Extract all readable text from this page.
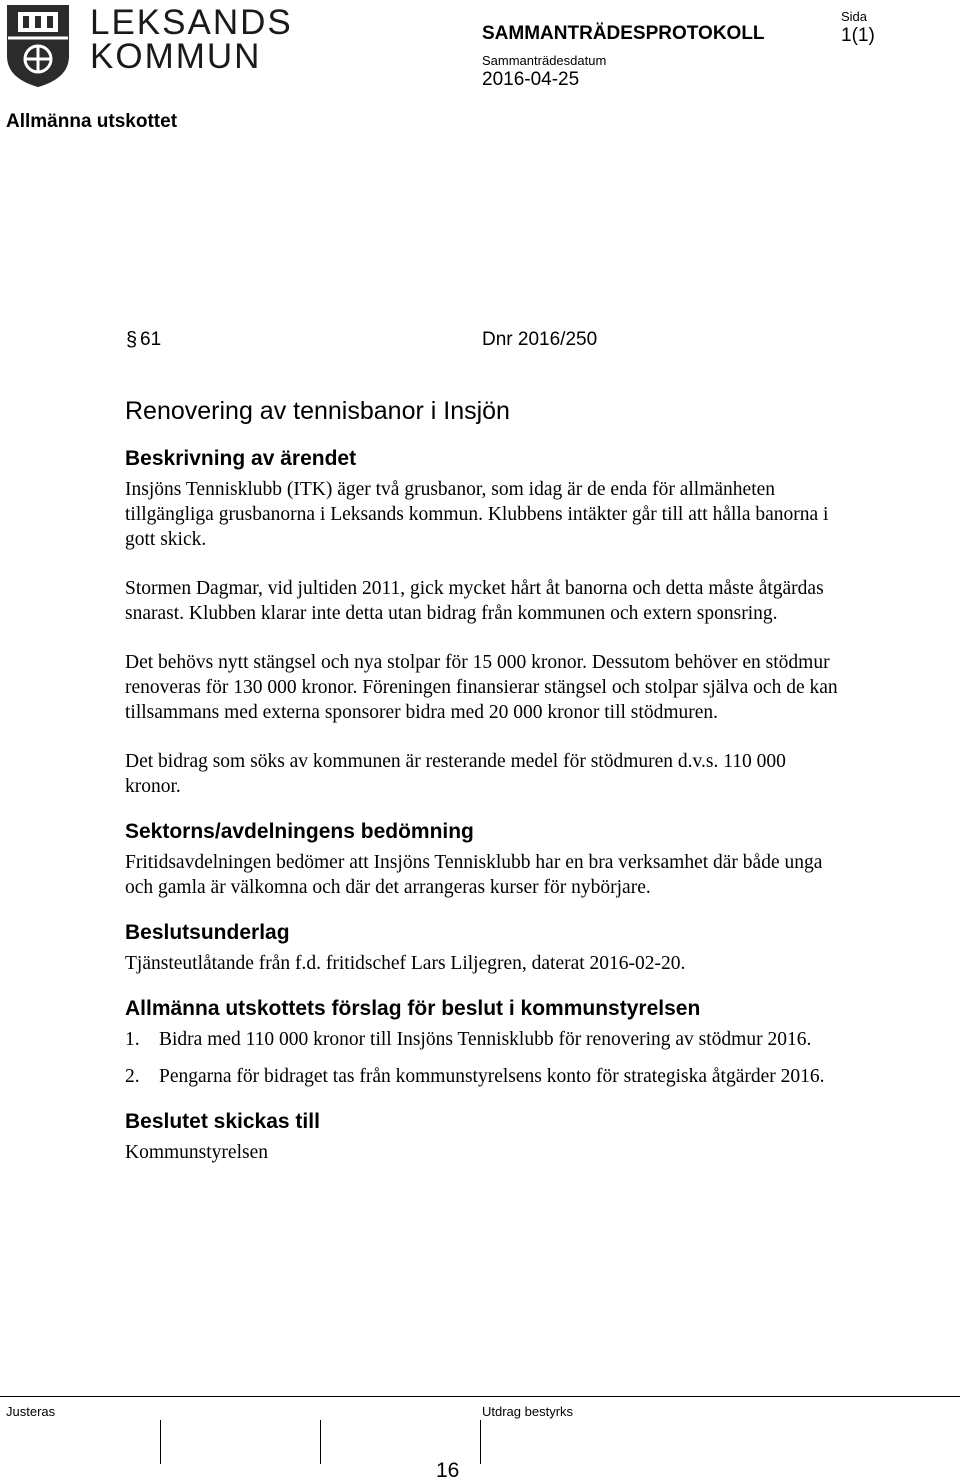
LEKSANDS
KOMMUN
SAMMANTRÄDESPROTOKOLL
Sida
1(1)
Sammanträdesdatum
2016-04-25
Allmänna utskottet
§ 61	Dnr 2016/250
Renovering av tennisbanor i Insjön
Beskrivning av ärendet

Insjöns Tennisklubb (ITK) äger två grusbanor, som idag är de enda för allmänheten tillgängliga grusbanorna i Leksands kommun. Klubbens intäkter går till att hålla banorna i gott skick.

Stormen Dagmar, vid jultiden 2011, gick mycket hårt åt banorna och detta måste åtgärdas snarast. Klubben klarar inte detta utan bidrag från kommunen och extern sponsring.

Det behövs nytt stängsel och nya stolpar för 15 000 kronor. Dessutom behöver en stödmur renoveras för 130 000 kronor. Föreningen finansierar stängsel och stolpar själva och de kan tillsammans med externa sponsorer bidra med 20 000 kronor till stödmuren.

Det bidrag som söks av kommunen är resterande medel för stödmuren d.v.s. 110 000 kronor.

Sektorns/avdelningens bedömning

Fritidsavdelningen bedömer att Insjöns Tennisklubb har en bra verksamhet där både unga och gamla är välkomna och där det arrangeras kurser för nybörjare.

Beslutsunderlag

Tjänsteutlåtande från f.d. fritidschef Lars Liljegren, daterat 2016-02-20.

Allmänna utskottets förslag för beslut i kommunstyrelsen
1. Bidra med 110 000 kronor till Insjöns Tennisklubb för renovering av stödmur 2016.
2. Pengarna för bidraget tas från kommunstyrelsens konto för strategiska åtgärder 2016.
Beslutet skickas till

Kommunstyrelsen

Justeras	Utdrag bestyrks
16
